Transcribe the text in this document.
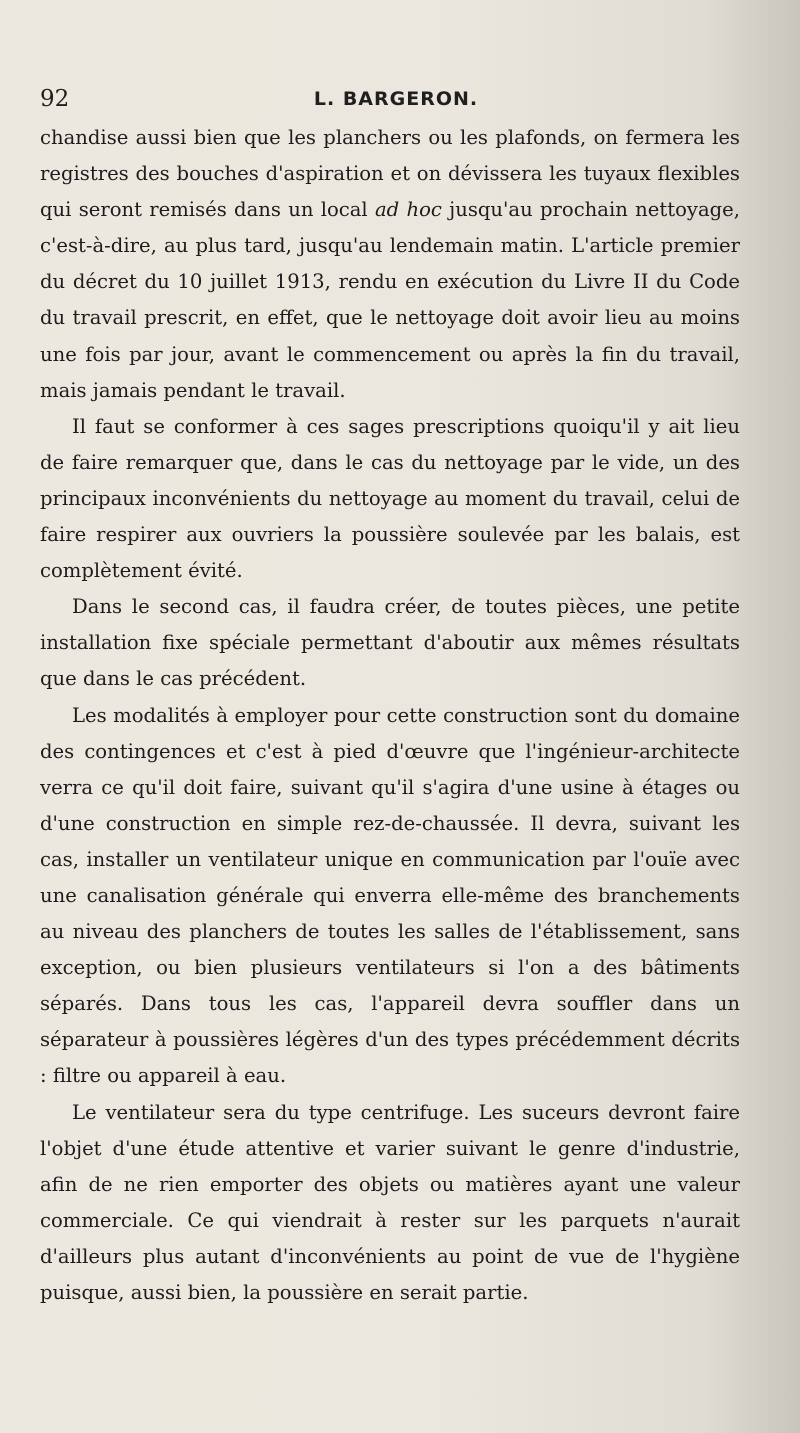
92	L. BARGERON.

chandise aussi bien que les planchers ou les plafonds, on fermera les registres des bouches d'aspiration et on dévissera les tuyaux flexibles qui seront remisés dans un local ad hoc jusqu'au prochain nettoyage, c'est-à-dire, au plus tard, jusqu'au lendemain matin. L'article premier du décret du 10 juillet 1913, rendu en exécution du Livre II du Code du travail prescrit, en effet, que le nettoyage doit avoir lieu au moins une fois par jour, avant le commencement ou après la fin du travail, mais jamais pendant le travail.

Il faut se conformer à ces sages prescriptions quoiqu'il y ait lieu de faire remarquer que, dans le cas du nettoyage par le vide, un des principaux inconvénients du nettoyage au moment du travail, celui de faire respirer aux ouvriers la poussière soulevée par les balais, est complètement évité.

Dans le second cas, il faudra créer, de toutes pièces, une petite installation fixe spéciale permettant d'aboutir aux mêmes résultats que dans le cas précédent.

Les modalités à employer pour cette construction sont du domaine des contingences et c'est à pied d'œuvre que l'ingénieur-architecte verra ce qu'il doit faire, suivant qu'il s'agira d'une usine à étages ou d'une construction en simple rez-de-chaussée. Il devra, suivant les cas, installer un ventilateur unique en communication par l'ouïe avec une canalisation générale qui enverra elle-même des branchements au niveau des planchers de toutes les salles de l'établissement, sans exception, ou bien plusieurs ventilateurs si l'on a des bâtiments séparés. Dans tous les cas, l'appareil devra souffler dans un séparateur à poussières légères d'un des types précédemment décrits : filtre ou appareil à eau.

Le ventilateur sera du type centrifuge. Les suceurs devront faire l'objet d'une étude attentive et varier suivant le genre d'industrie, afin de ne rien emporter des objets ou matières ayant une valeur commerciale. Ce qui viendrait à rester sur les parquets n'aurait d'ailleurs plus autant d'inconvénients au point de vue de l'hygiène puisque, aussi bien, la poussière en serait partie.
